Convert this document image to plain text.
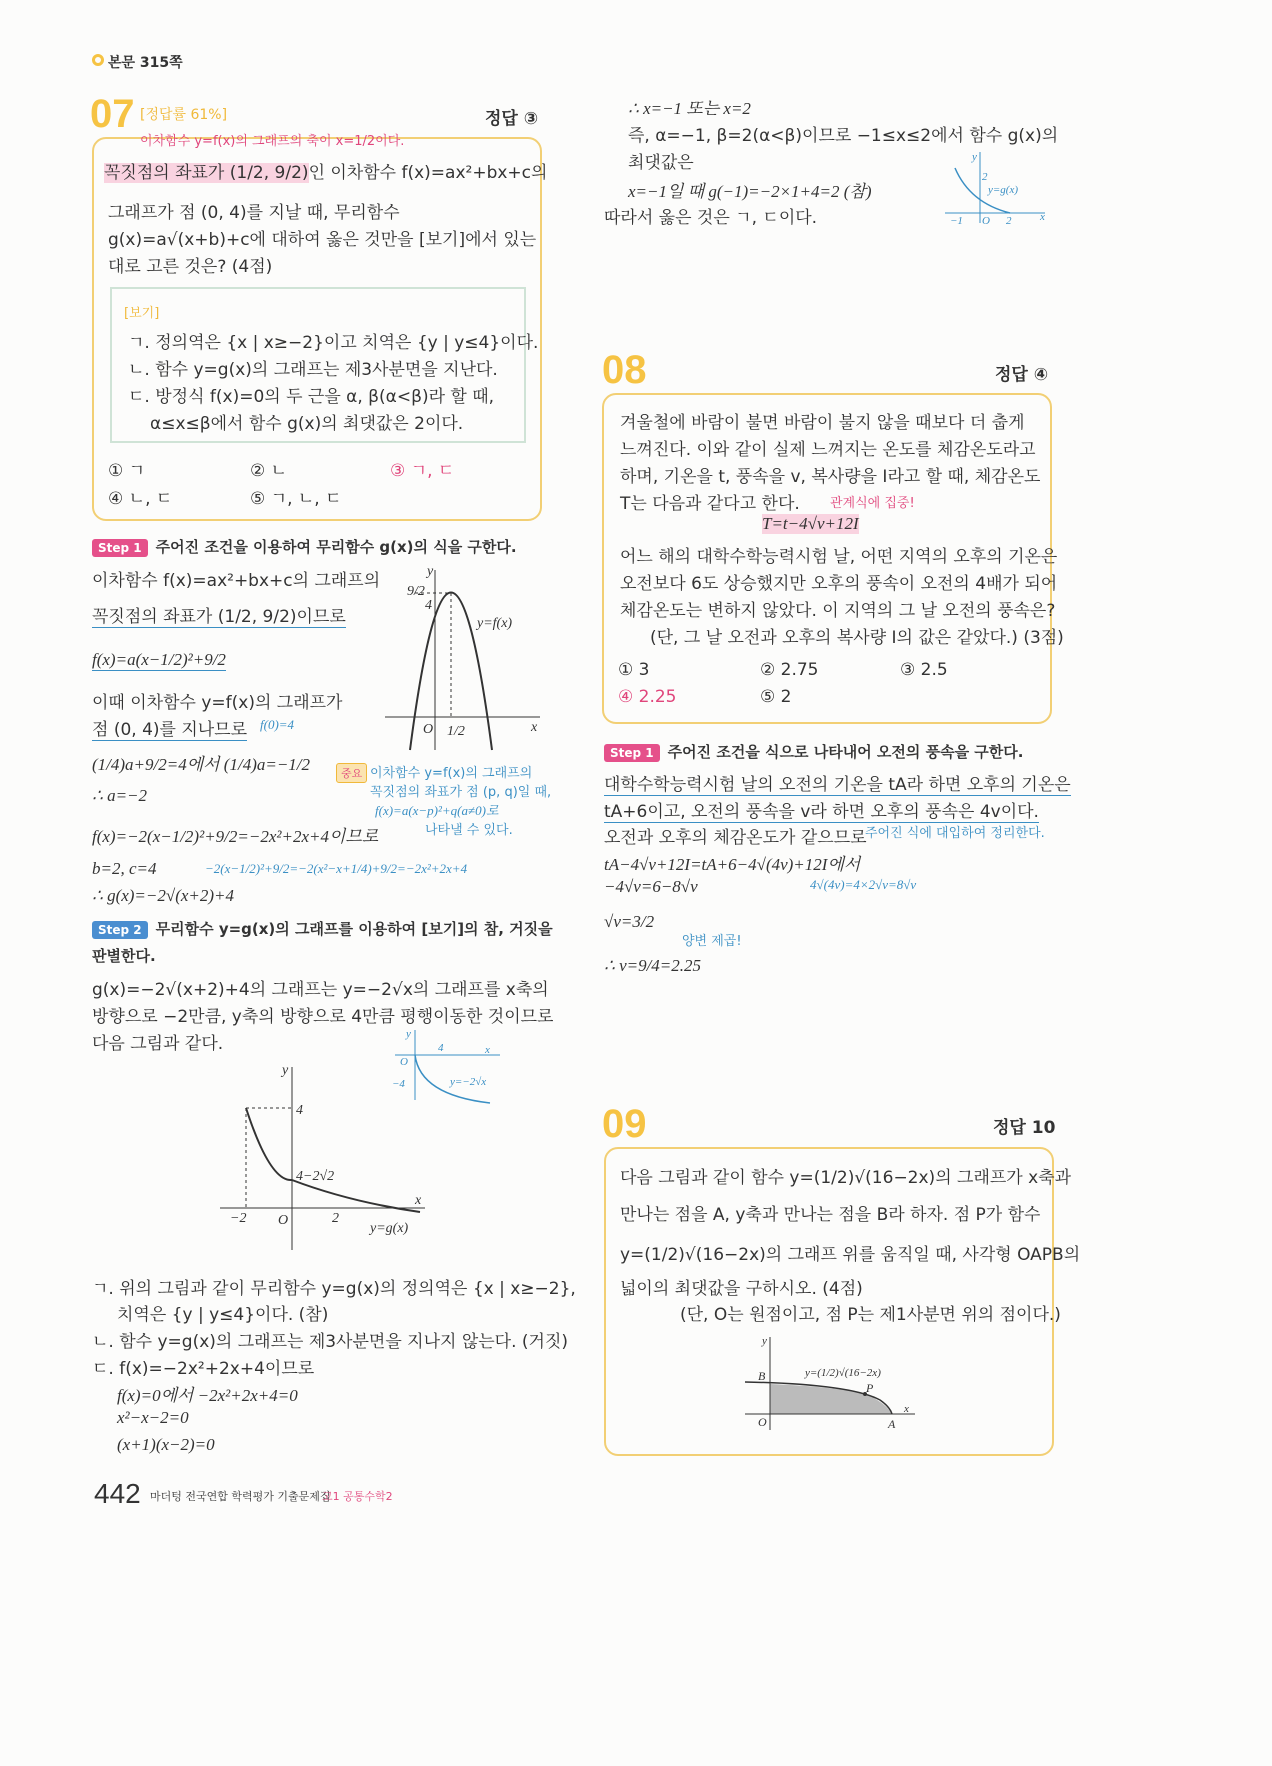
본문 315쪽
07 [정답률 61%]	정답 ③
이차함수 y=f(x)의 그래프의 축이 x=1/2이다.
꼭짓점의 좌표가 (1/2, 9/2)인 이차함수 f(x)=ax²+bx+c의
그래프가 점 (0, 4)를 지날 때, 무리함수
g(x)=a√(x+b)+c에 대하여 옳은 것만을 [보기]에서 있는
대로 고른 것은? (4점)
[보기]
ㄱ. 정의역은 {x | x≥−2}이고 치역은 {y | y≤4}이다.
ㄴ. 함수 y=g(x)의 그래프는 제3사분면을 지난다.
ㄷ. 방정식 f(x)=0의 두 근을 α, β(α<β)라 할 때,
α≤x≤β에서 함수 g(x)의 최댓값은 2이다.
① ㄱ	② ㄴ	③ ㄱ, ㄷ
④ ㄴ, ㄷ	⑤ ㄱ, ㄴ, ㄷ
Step 1 주어진 조건을 이용하여 무리함수 g(x)의 식을 구한다.
이차함수 f(x)=ax²+bx+c의 그래프의
꼭짓점의 좌표가 (1/2, 9/2)이므로
f(x)=a(x−1/2)²+9/2
이때 이차함수 y=f(x)의 그래프가
점 (0, 4)를 지나므로 f(0)=4
(1/4)a+9/2=4에서 (1/4)a=−1/2
∴ a=−2
f(x)=−2(x−1/2)²+9/2=−2x²+2x+4이므로
b=2, c=4	−2(x−1/2)²+9/2=−2(x²−x+1/4)+9/2=−2x²+2x+4
∴ g(x)=−2√(x+2)+4
중요 이차함수 y=f(x)의 그래프의
꼭짓점의 좌표가 점 (p, q)일 때,
f(x)=a(x−p)²+q(a≠0)로
나타낼 수 있다.
y
x
O
9/2
4
1/2
y=f(x)
Step 2 무리함수 y=g(x)의 그래프를 이용하여 [보기]의 참, 거짓을
판별한다.
g(x)=−2√(x+2)+4의 그래프는 y=−2√x의 그래프를 x축의
방향으로 −2만큼, y축의 방향으로 4만큼 평행이동한 것이므로
다음 그림과 같다.	y
x
O
4
−4	y=−2√x
y
x
O
4
4−2√2
−2	2
y=g(x)
ㄱ. 위의 그림과 같이 무리함수 y=g(x)의 정의역은 {x | x≥−2},
치역은 {y | y≤4}이다. (참)
ㄴ. 함수 y=g(x)의 그래프는 제3사분면을 지나지 않는다. (거짓)
ㄷ. f(x)=−2x²+2x+4이므로
f(x)=0에서 −2x²+2x+4=0
x²−x−2=0
(x+1)(x−2)=0
442 마더텅 전국연합 학력평가 기출문제집
고1 공통수학2
∴ x=−1 또는 x=2
즉, α=−1, β=2(α<β)이므로 −1≤x≤2에서 함수 g(x)의
최댓값은
x=−1일 때 g(−1)=−2×1+4=2 (참)
따라서 옳은 것은 ㄱ, ㄷ이다.
y
x
O
2
−1	2
y=g(x)
08	정답 ④
겨울철에 바람이 불면 바람이 불지 않을 때보다 더 춥게
느껴진다. 이와 같이 실제 느껴지는 온도를 체감온도라고
하며, 기온을 t, 풍속을 v, 복사량을 I라고 할 때, 체감온도
T는 다음과 같다고 한다. 관계식에 집중!
T=t−4√v+12I
어느 해의 대학수학능력시험 날, 어떤 지역의 오후의 기온은
오전보다 6도 상승했지만 오후의 풍속이 오전의 4배가 되어
체감온도는 변하지 않았다. 이 지역의 그 날 오전의 풍속은?
(단, 그 날 오전과 오후의 복사량 I의 값은 같았다.) (3점)
① 3	② 2.75	③ 2.5
④ 2.25	⑤ 2
Step 1 주어진 조건을 식으로 나타내어 오전의 풍속을 구한다.
대학수학능력시험 날의 오전의 기온을 tA라 하면 오후의 기온은
tA+6이고, 오전의 풍속을 v라 하면 오후의 풍속은 4v이다.
오전과 오후의 체감온도가 같으므로
주어진 식에 대입하여 정리한다.
tA−4√v+12I=tA+6−4√(4v)+12I에서
4√(4v)=4×2√v=8√v
−4√v=6−8√v
√v=3/2
양변 제곱!
∴ v=9/4=2.25
09	정답 10
다음 그림과 같이 함수 y=(1/2)√(16−2x)의 그래프가 x축과
만나는 점을 A, y축과 만나는 점을 B라 하자. 점 P가 함수
y=(1/2)√(16−2x)의 그래프 위를 움직일 때, 사각형 OAPB의
넓이의 최댓값을 구하시오. (4점)
(단, O는 원점이고, 점 P는 제1사분면 위의 점이다.)
y
x
O	A
B
P
y=(1/2)√(16−2x)
